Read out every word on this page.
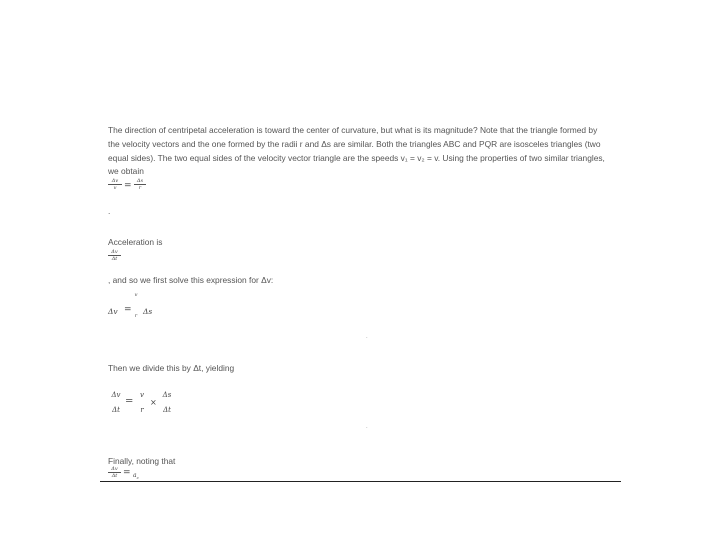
The direction of centripetal acceleration is toward the center of curvature, but what is its magnitude? Note that the triangle formed by
the velocity vectors and the one formed by the radii r and Δs are similar. Both the triangles ABC and PQR are isosceles triangles (two
equal sides). The two equal sides of the velocity vector triangle are the speeds v₁ = v₂ = v. Using the properties of two similar triangles,
we obtain
Δv
v = Δs
r
.
Acceleration is
Δv
Δt
, and so we first solve this expression for Δv:
Δv =
v
r Δs
.
Then we divide this by Δt, yielding
Δv
Δt
=
v
r
×
Δs
Δt
.
Finally, noting that
Δv
$\Delta t = a_c$
